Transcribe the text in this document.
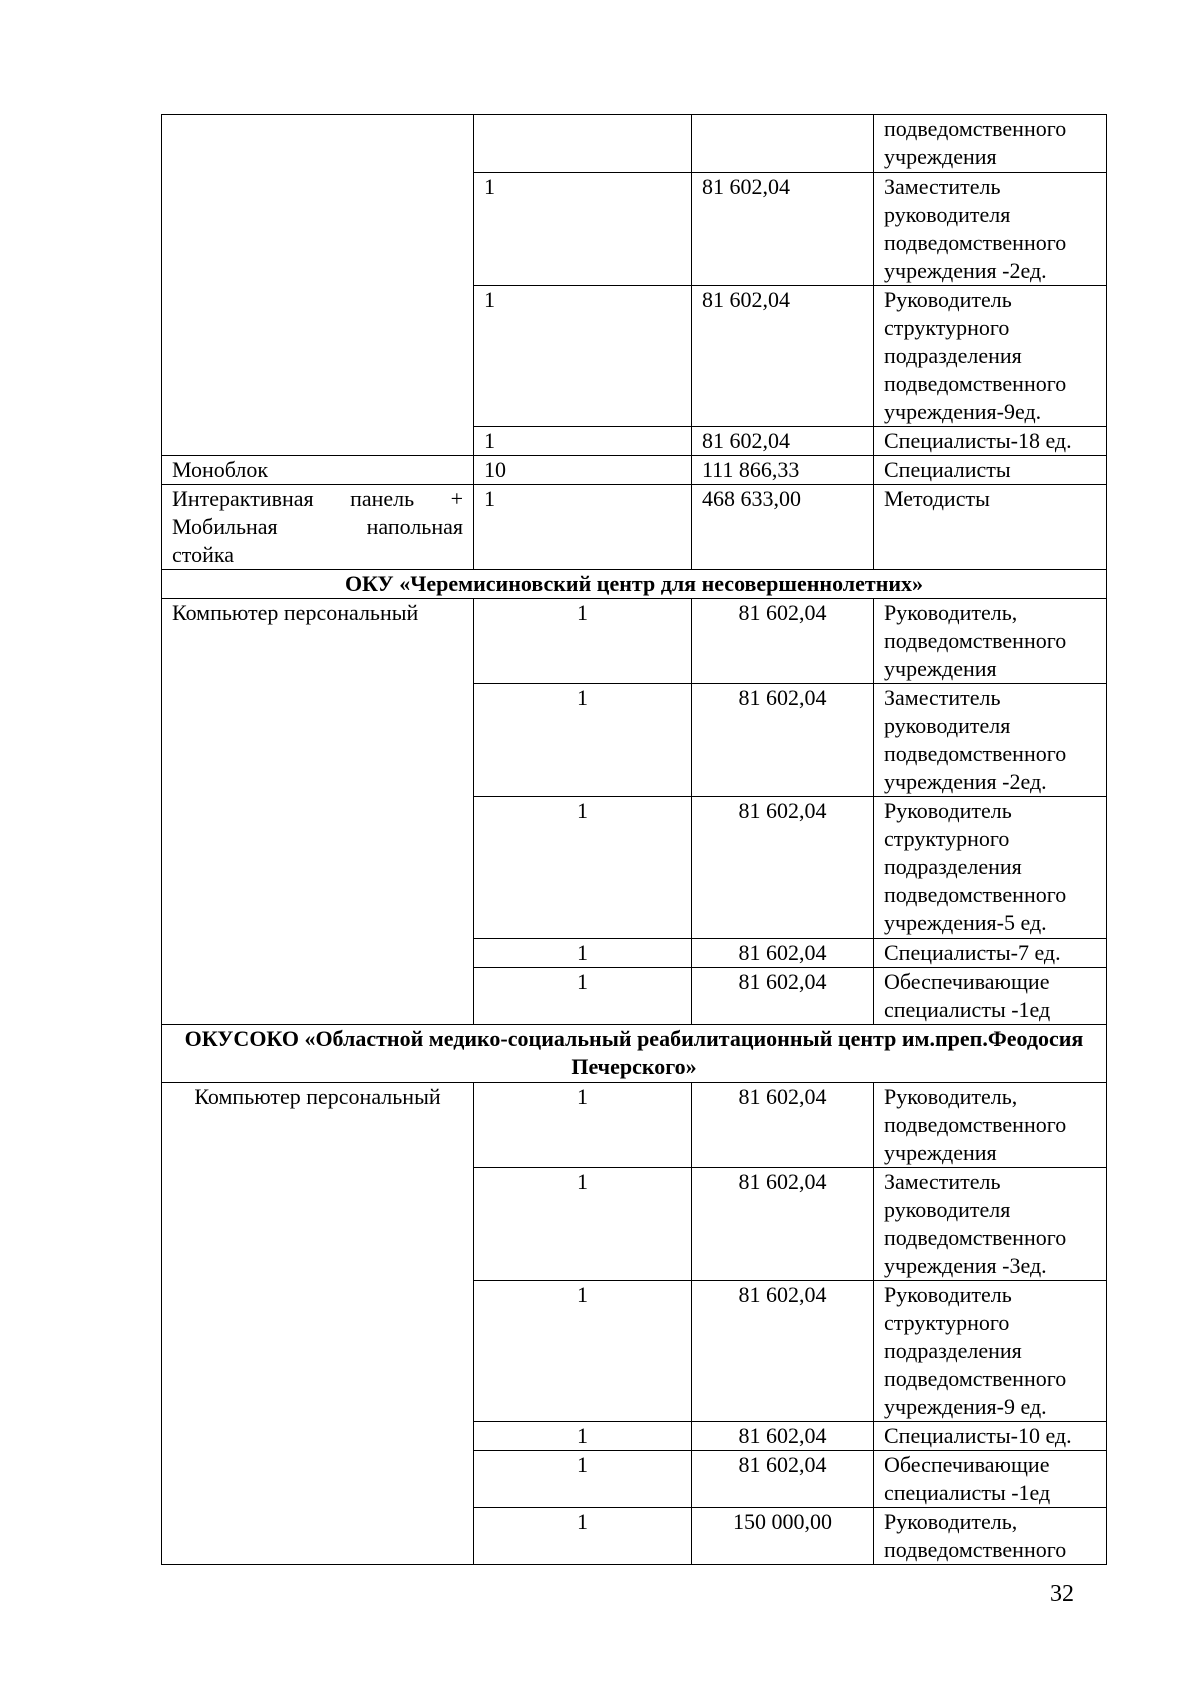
			подведомственного
учреждения

	1	81 602,04	Заместитель
руководителя
подведомственного
учреждения -2ед.

	1	81 602,04	Руководитель
структурного
подразделения
подведомственного
учреждения-9ед.

	1	81 602,04	Специалисты-18 ед.

Моноблок	10	111 866,33	Специалисты

Интерактивная панель +
Мобильная напольная
стойка	1	468 633,00	Методисты
ОКУ «Черемисиновский центр для несовершеннолетних»			
Компьютер персональный	1	81 602,04	Руководитель,
подведомственного
учреждения

	1	81 602,04	Заместитель
руководителя
подведомственного
учреждения -2ед.

	1	81 602,04	Руководитель
структурного
подразделения
подведомственного
учреждения-5 ед.

	1	81 602,04	Специалисты-7 ед.

	1	81 602,04	Обеспечивающие
специалисты -1ед

ОКУСОКО «Областной медико-социальный реабилитационный центр им.преп.Феодосия Печерского»			
Компьютер персональный	1	81 602,04	Руководитель,
подведомственного
учреждения

	1	81 602,04	Заместитель
руководителя
подведомственного
учреждения -3ед.

	1	81 602,04	Руководитель
структурного
подразделения
подведомственного
учреждения-9 ед.

	1	81 602,04	Специалисты-10 ед.

	1	81 602,04	Обеспечивающие
специалисты -1ед

	1	150 000,00	Руководитель,
подведомственного
32
